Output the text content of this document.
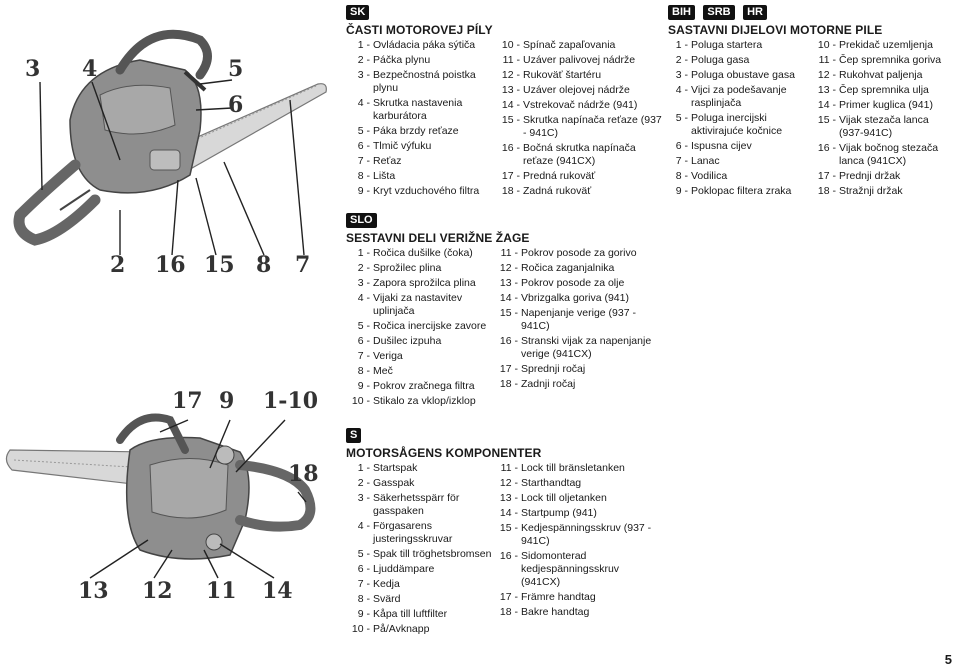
3 4	5
6
2 16 15 8 7
17 9 1-10
18
13 12 11 14
SK
ČASTI MOTOROVEJ PÍLY
1 - Ovládacia páka sýtiča
2 - Páčka plynu
3 - Bezpečnostná poistka plynu
4 - Skrutka nastavenia karburátora
5 - Páka brzdy reťaze
6 - Tlmič výfuku
7 - Reťaz
8 - Lišta
9 - Kryt vzduchového filtra
10 - Spínač zapaľovania
11 - Uzáver palivovej nádrže
12 - Rukoväť štartéru
13 - Uzáver olejovej nádrže
14 - Vstrekovač nádrže (941)
15 - Skrutka napínača reťaze (937 - 941C)
16 - Bočná skrutka napínača reťaze (941CX)
17 - Predná rukoväť
18 - Zadná rukoväť
BIH SRB HR
SASTAVNI DIJELOVI MOTORNE PILE
1 - Poluga startera
2 - Poluga gasa
3 - Poluga obustave gasa
4 - Vijci za podešavanje rasplinjača
5 - Poluga inercijski aktivirajuće kočnice
6 - Ispusna cijev
7 - Lanac
8 - Vodilica
9 - Poklopac filtera zraka
10 - Prekidač uzemljenja
11 - Čep spremnika goriva
12 - Rukohvat paljenja
13 - Čep spremnika ulja
14 - Primer kuglica (941)
15 - Vijak stezača lanca (937-941C)
16 - Vijak bočnog stezača lanca (941CX)
17 - Prednji držak
18 - Stražnji držak
SLO
SESTAVNI DELI VERIŽNE ŽAGE
1 - Ročica dušilke (čoka)
2 - Sprožilec plina
3 - Zapora sprožilca plina
4 - Vijaki za nastavitev uplinjača
5 - Ročica inercijske zavore
6 - Dušilec izpuha
7 - Veriga
8 - Meč
9 - Pokrov zračnega filtra
10 - Stikalo za vklop/izklop
11 - Pokrov posode za gorivo
12 - Ročica zaganjalnika
13 - Pokrov posode za olje
14 - Vbrizgalka goriva (941)
15 - Napenjanje verige (937 - 941C)
16 - Stranski vijak za napenjanje verige (941CX)
17 - Sprednji ročaj
18 - Zadnji ročaj
S
MOTORSÅGENS KOMPONENTER
1 - Startspak
2 - Gasspak
3 - Säkerhetsspärr för gasspaken
4 - Förgasarens justeringsskruvar
5 - Spak till tröghetsbromsen
6 - Ljuddämpare
7 - Kedja
8 - Svärd
9 - Kåpa till luftfilter
10 - På/Avknapp
11 - Lock till bränsletanken
12 - Starthandtag
13 - Lock till oljetanken
14 - Startpump (941)
15 - Kedjespänningsskruv (937 - 941C)
16 - Sidomonterad kedjespänningsskruv (941CX)
17 - Främre handtag
18 - Bakre handtag
5
